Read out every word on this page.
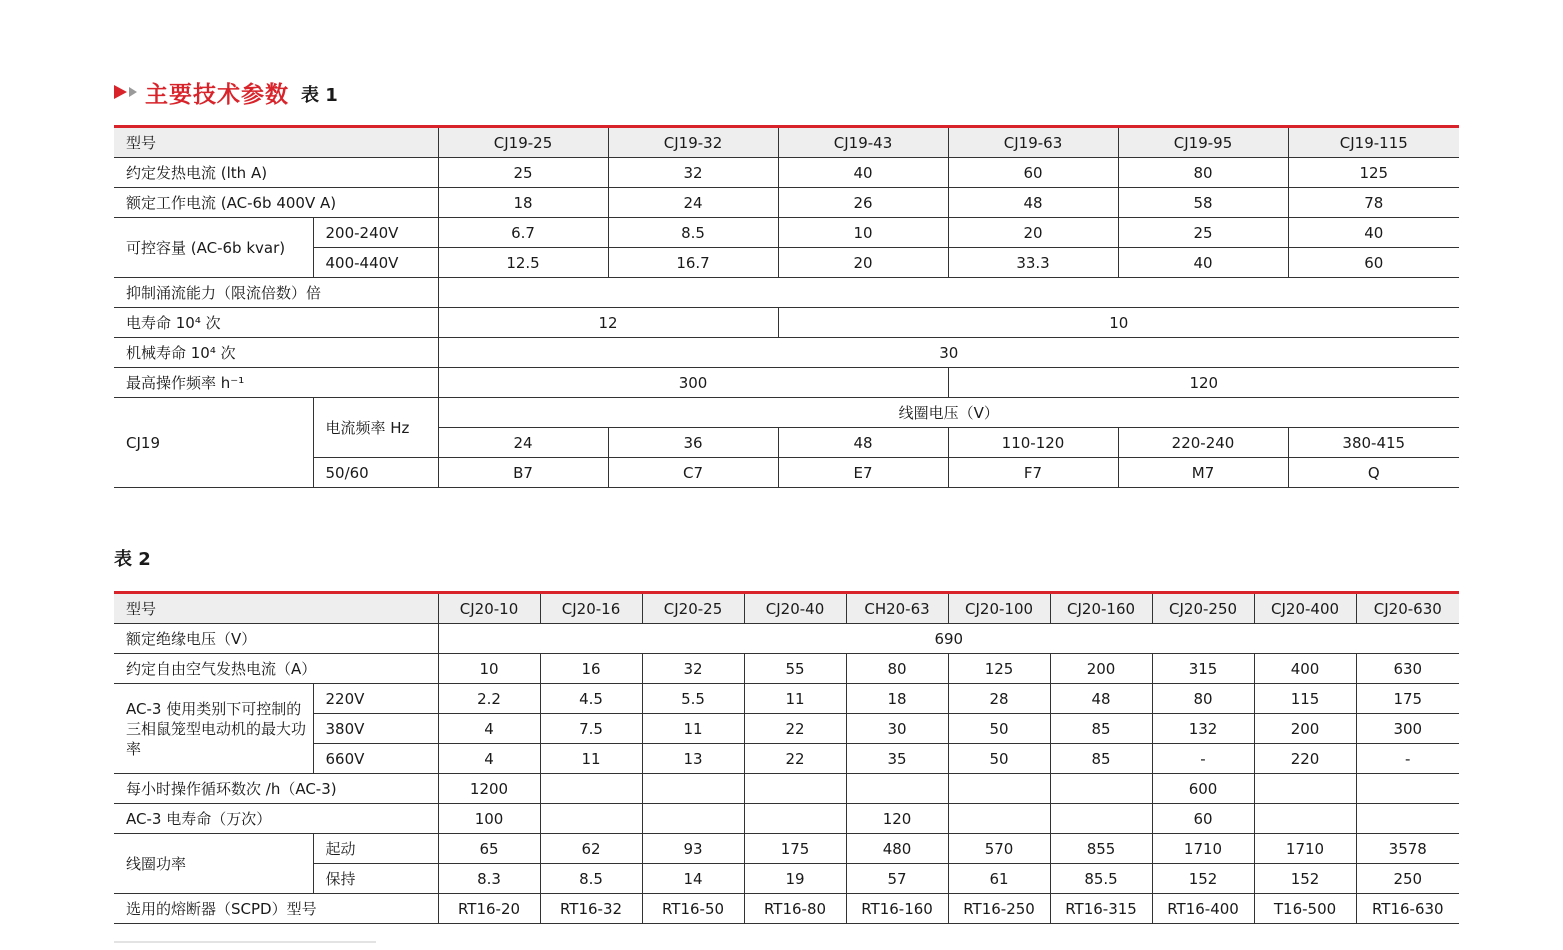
主要技术参数 表 1
型号		CJ19-25	CJ19-32	CJ19-43	CJ19-63	CJ19-95	CJ19-115
约定发热电流 (lth A)		25	32	40	60	80	125
额定工作电流 (AC-6b 400V A)		18	24	26	48	58	78
可控容量 (AC-6b kvar)	200-240V	6.7	8.5	10	20	25	40
	400-440V	12.5	16.7	20	33.3	40	60
抑制涌流能力（限流倍数）倍							
电寿命 10⁴ 次		12		10			
机械寿命 10⁴ 次		30					
最高操作频率 h⁻¹		300			120		
CJ19	电流频率 Hz	线圈电压（V）					
		24	36	48	110-120	220-240	380-415
	50/60	B7	C7	E7	F7	M7	Q
表 2
型号		CJ20-10	CJ20-16	CJ20-25	CJ20-40	CH20-63	CJ20-100	CJ20-160	CJ20-250	CJ20-400	CJ20-630
额定绝缘电压（V）		690									
约定自由空气发热电流（A）		10	16	32	55	80	125	200	315	400	630
AC-3 使用类别下可控制的三相鼠笼型电动机的最大功率	220V	2.2	4.5	5.5	11	18	28	48	80	115	175
	380V	4	7.5	11	22	30	50	85	132	200	300
	660V	4	11	13	22	35	50	85	-	220	-
每小时操作循环数次 /h（AC-3)		1200							600		
AC-3 电寿命（万次）		100				120			60		
线圈功率	起动	65	62	93	175	480	570	855	1710	1710	3578
	保持	8.3	8.5	14	19	57	61	85.5	152	152	250
选用的熔断器（SCPD）型号		RT16-20	RT16-32	RT16-50	RT16-80	RT16-160	RT16-250	RT16-315	RT16-400	T16-500	RT16-630
